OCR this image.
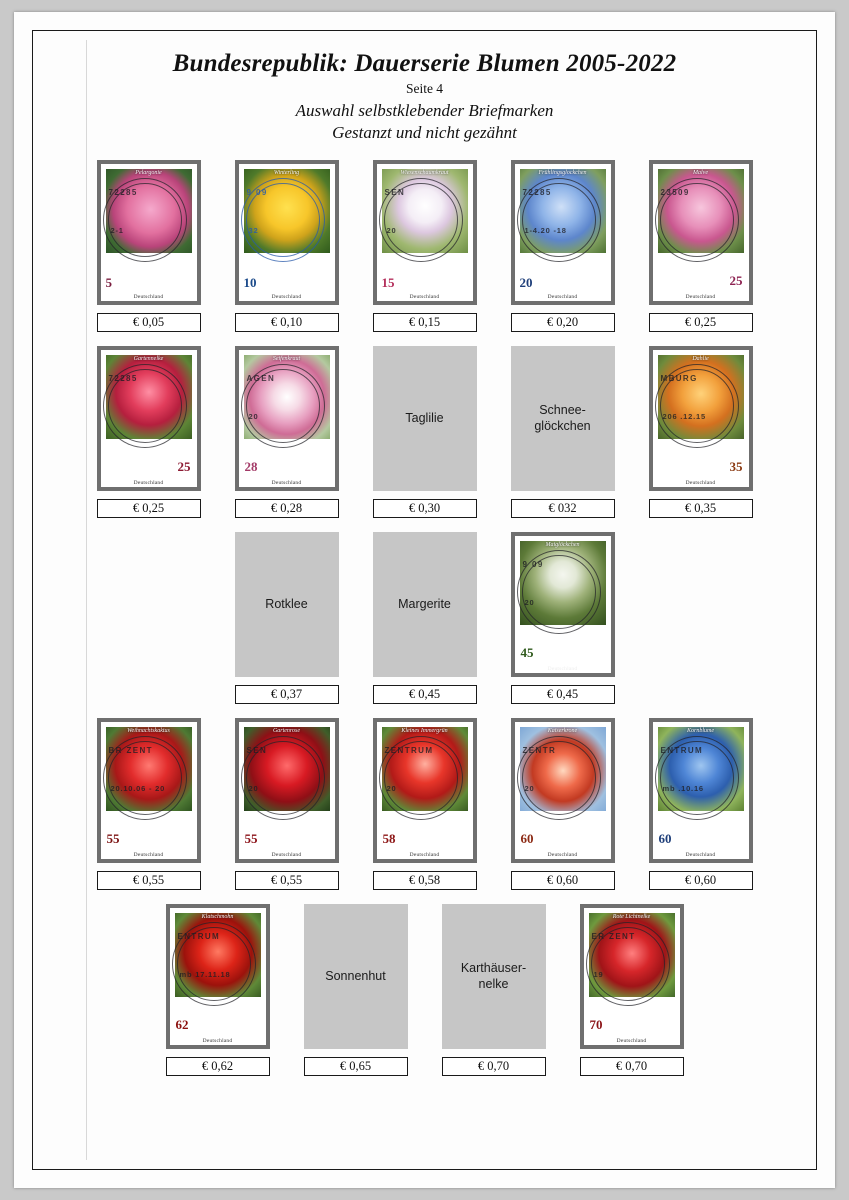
Bundesrepublik: Dauerserie Blumen 2005-2022
Seite 4
Auswahl selbstklebender Briefmarken
Gestanzt und nicht gezähnt
Pelargonie
5
Deutschland
72285
2-1
€ 0,05
Winterling
10
Deutschland
9 09
32
€ 0,10
Wiesenschaumkraut
15
Deutschland
SEN
20
€ 0,15
Frühlingsglockchen
20
Deutschland
72285
1-4.20 -18
€ 0,20
Malve
25
Deutschland
23509
€ 0,25
Gartennelke
25
Deutschland
72285
€ 0,25
Seifenkraut
28
Deutschland
AGEN
20
€ 0,28
Taglilie
€ 0,30
Schnee-
glöckchen
€ 032
Dahlie
35
Deutschland
MBURG
206 .12.15
€ 0,35
Rotklee
€ 0,37
Margerite
€ 0,45
Maiglöckchen
45
Deutschland
9 09
20
€ 0,45
Weihnachtskaktus
55
Deutschland
BR ZENT
20.10.06 - 20
€ 0,55
Gartenrose
55
Deutschland
SEN
20
€ 0,55
Kleines Immergrün
58
Deutschland
ZENTRUM
20
€ 0,58
Kaiserkrone
60
Deutschland
ZENTR
20
€ 0,60
Kornblume
60
Deutschland
ENTRUM
mb .10.16
€ 0,60
Klatschmohn
62
Deutschland
ENTRUM
mb 17.11.18
€ 0,62
Sonnenhut
€ 0,65
Karthäuser-
nelke
€ 0,70
Rote Lichtnelke
70
Deutschland
ER ZENT
19
€ 0,70
